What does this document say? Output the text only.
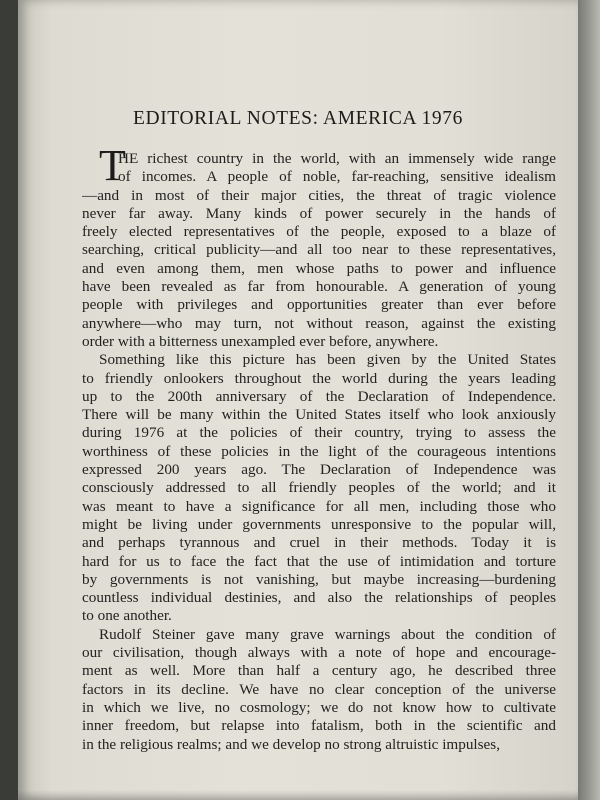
EDITORIAL NOTES: AMERICA 1976
T
HE richest country in the world, with an immensely wide range
of incomes. A people of noble, far-reaching, sensitive idealism
—and in most of their major cities, the threat of tragic violence
never far away. Many kinds of power securely in the hands of
freely elected representatives of the people, exposed to a blaze of
searching, critical publicity—and all too near to these representatives,
and even among them, men whose paths to power and influence
have been revealed as far from honourable. A generation of young
people with privileges and opportunities greater than ever before
anywhere—who may turn, not without reason, against the existing
order with a bitterness unexampled ever before, anywhere.
Something like this picture has been given by the United States
to friendly onlookers throughout the world during the years leading
up to the 200th anniversary of the Declaration of Independence.
There will be many within the United States itself who look anxiously
during 1976 at the policies of their country, trying to assess the
worthiness of these policies in the light of the courageous intentions
expressed 200 years ago. The Declaration of Independence was
consciously addressed to all friendly peoples of the world; and it
was meant to have a significance for all men, including those who
might be living under governments unresponsive to the popular will,
and perhaps tyrannous and cruel in their methods. Today it is
hard for us to face the fact that the use of intimidation and torture
by governments is not vanishing, but maybe increasing—burdening
countless individual destinies, and also the relationships of peoples
to one another.
Rudolf Steiner gave many grave warnings about the condition of
our civilisation, though always with a note of hope and encourage-
ment as well. More than half a century ago, he described three
factors in its decline. We have no clear conception of the universe
in which we live, no cosmology; we do not know how to cultivate
inner freedom, but relapse into fatalism, both in the scientific and
in the religious realms; and we develop no strong altruistic impulses,
